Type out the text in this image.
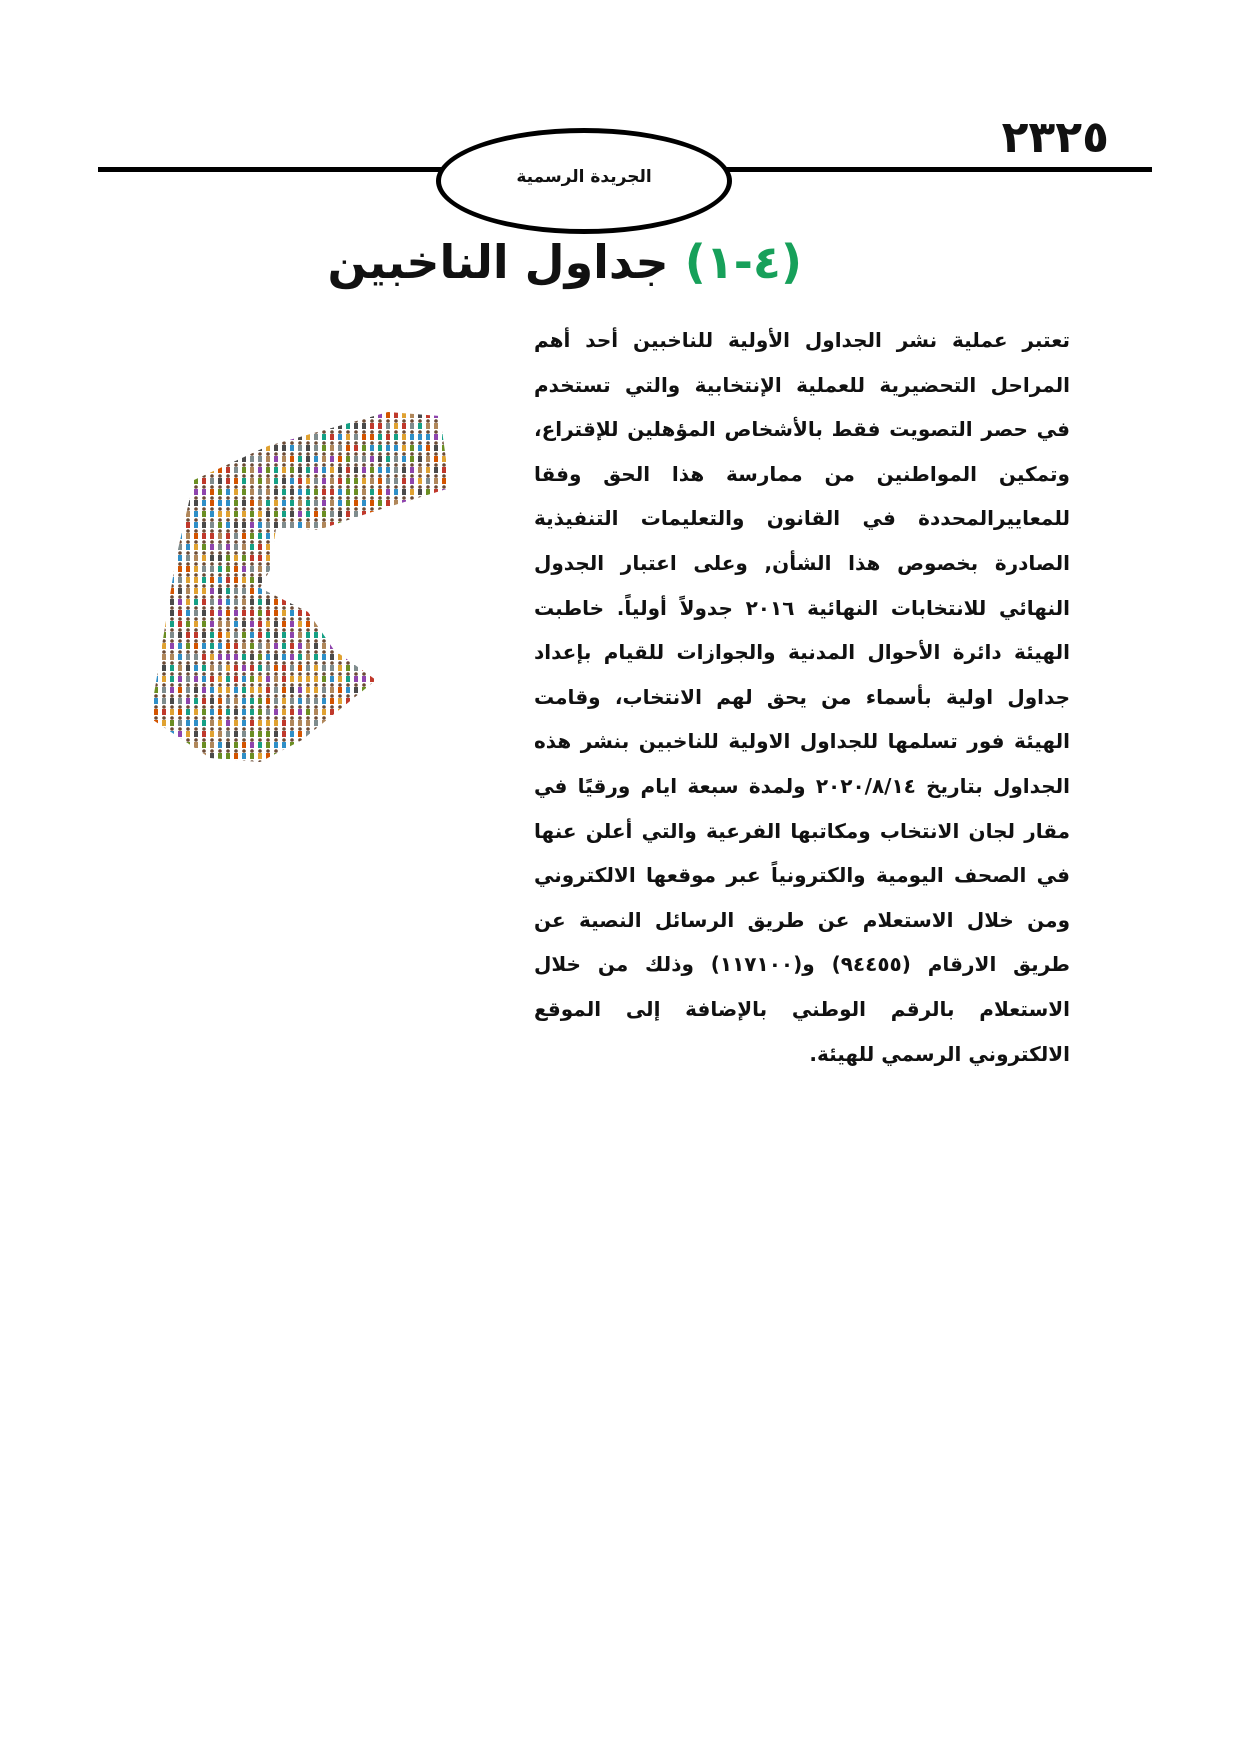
٢٣٢٥
الجريدة الرسمية
(٤-١) جداول الناخبين
تعتبر عملية نشر الجداول الأولية للناخبين أحد أهم المراحل التحضيرية للعملية الإنتخابية والتي تستخدم في حصر التصويت فقط بالأشخاص المؤهلين للإقتراع، وتمكين المواطنين من ممارسة هذا الحق وفقا للمعاييرالمحددة في القانون والتعليمات التنفيذية الصادرة بخصوص هذا الشأن, وعلى اعتبار الجدول النهائي للانتخابات النهائية ٢٠١٦ جدولاً أولياً. خاطبت الهيئة دائرة الأحوال المدنية والجوازات للقيام بإعداد جداول اولية بأسماء من يحق لهم الانتخاب، وقامت الهيئة فور تسلمها للجداول الاولية للناخبين بنشر هذه الجداول بتاريخ ٢٠٢٠/٨/١٤ ولمدة سبعة ايام ورقيًا في مقار لجان الانتخاب ومكاتبها الفرعية والتي أعلن عنها في الصحف اليومية والكترونياً عبر موقعها الالكتروني ومن خلال الاستعلام عن طريق الرسائل النصية عن طريق الارقام (٩٤٤٥٥) و(١١٧١٠٠) وذلك من خلال الاستعلام بالرقم الوطني بالإضافة إلى الموقع الالكتروني الرسمي للهيئة.
